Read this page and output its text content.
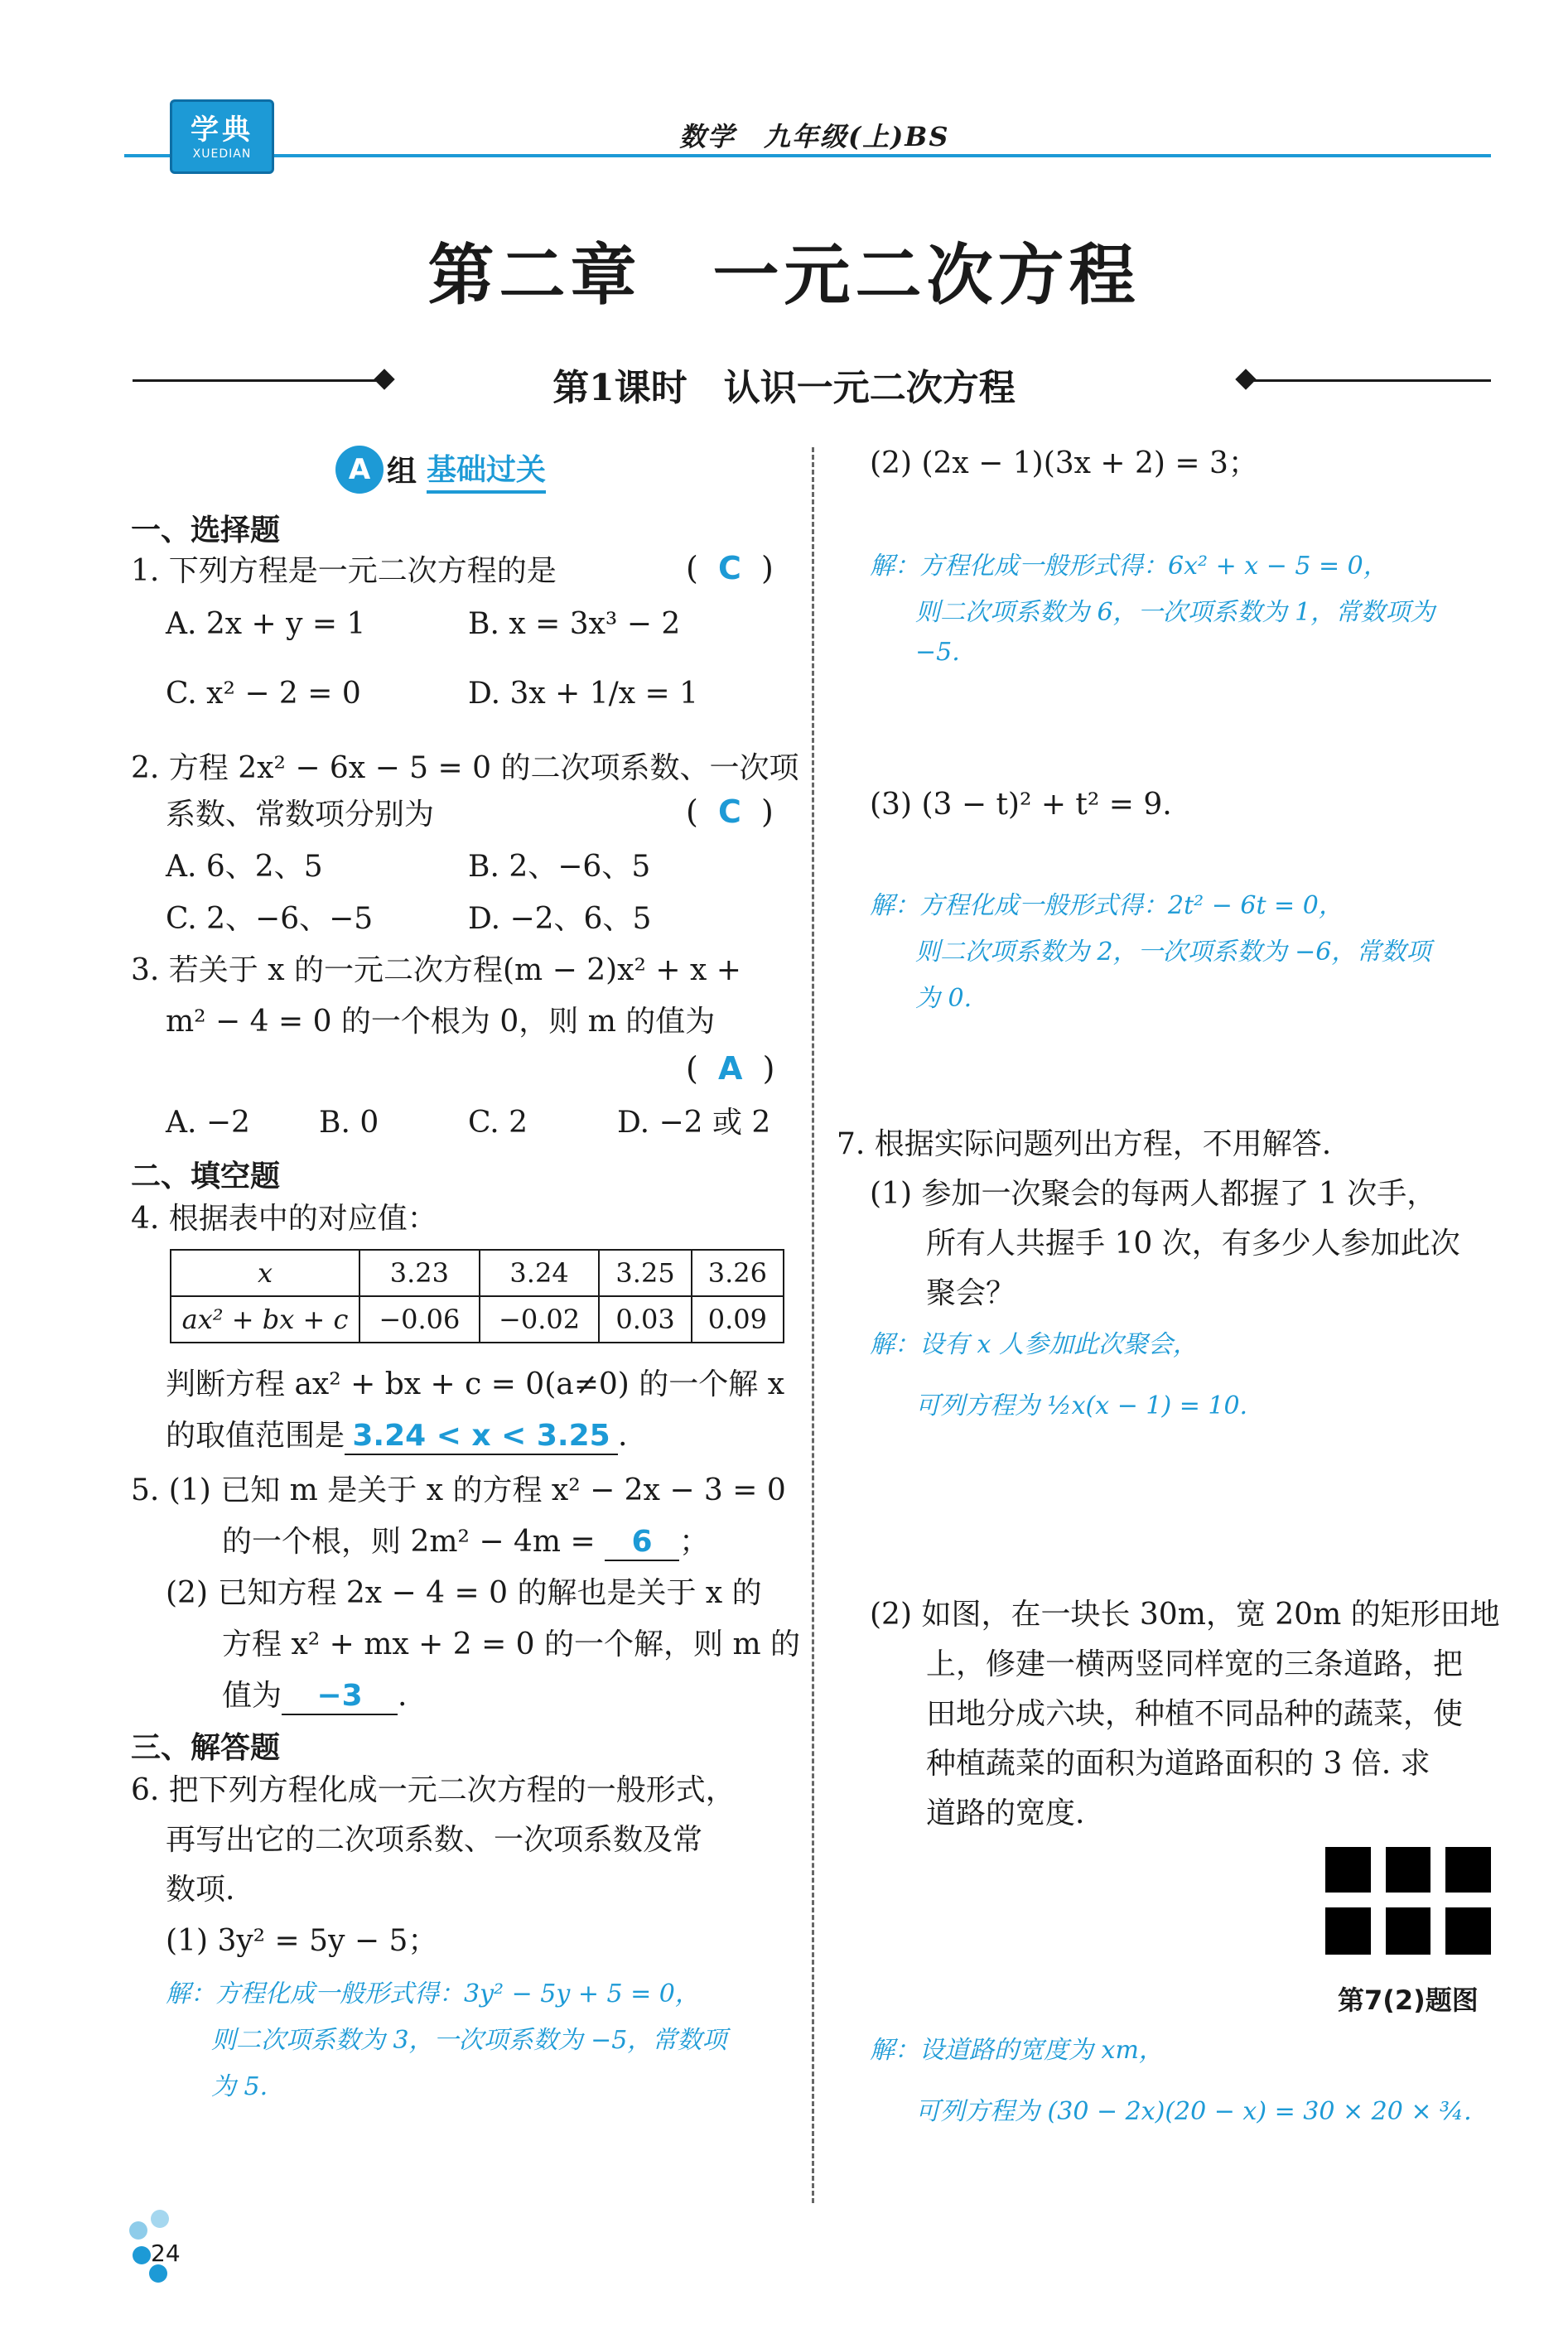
学典
XUEDIAN
数学　九年级(上)BS
第二章　一元二次方程
第1课时　认识一元二次方程
A 组 基础过关
一、选择题
1. 下列方程是一元二次方程的是	(  C  )
A. 2x + y = 1	B. x = 3x³ − 2
C. x² − 2 = 0	D. 3x + 1/x = 1
2. 方程 2x² − 6x − 5 = 0 的二次项系数、一次项
系数、常数项分别为	(  C  )
A. 6、2、5	B. 2、−6、5
C. 2、−6、−5	D. −2、6、5
3. 若关于 x 的一元二次方程(m − 2)x² + x +
m² − 4 = 0 的一个根为 0，则 m 的值为
(  A  )
A. −2 B. 0	C. 2	D. −2 或 2
二、填空题
4. 根据表中的对应值：
x	3.23	3.24	3.25	3.26
ax² + bx + c	−0.06	−0.02	0.03	0.09
判断方程 ax² + bx + c = 0(a≠0) 的一个解 x
的取值范围是 3.24 < x < 3.25 .
5. (1) 已知 m 是关于 x 的方程 x² − 2x − 3 = 0
的一个根，则 2m² − 4m = 6 ；
(2) 已知方程 2x − 4 = 0 的解也是关于 x 的
方程 x² + mx + 2 = 0 的一个解，则 m 的
值为 −3 .
三、解答题
6. 把下列方程化成一元二次方程的一般形式，
再写出它的二次项系数、一次项系数及常
数项.
(1) 3y² = 5y − 5；
解：方程化成一般形式得：3y² − 5y + 5 = 0，
则二次项系数为 3，一次项系数为 −5，常数项
为 5.
(2) (2x − 1)(3x + 2) = 3；
解：方程化成一般形式得：6x² + x − 5 = 0，
则二次项系数为 6，一次项系数为 1，常数项为
−5.
(3) (3 − t)² + t² = 9.
解：方程化成一般形式得：2t² − 6t = 0，
则二次项系数为 2，一次项系数为 −6，常数项
为 0.
7. 根据实际问题列出方程，不用解答.
(1) 参加一次聚会的每两人都握了 1 次手，
所有人共握手 10 次，有多少人参加此次
聚会？
解：设有 x 人参加此次聚会，
可列方程为 ½x(x − 1) = 10.
(2) 如图，在一块长 30m，宽 20m 的矩形田地
上，修建一横两竖同样宽的三条道路，把
田地分成六块，种植不同品种的蔬菜，使
种植蔬菜的面积为道路面积的 3 倍. 求
道路的宽度.
第7(2)题图
解：设道路的宽度为 xm，
可列方程为 (30 − 2x)(20 − x) = 30 × 20 × ¾.
24
